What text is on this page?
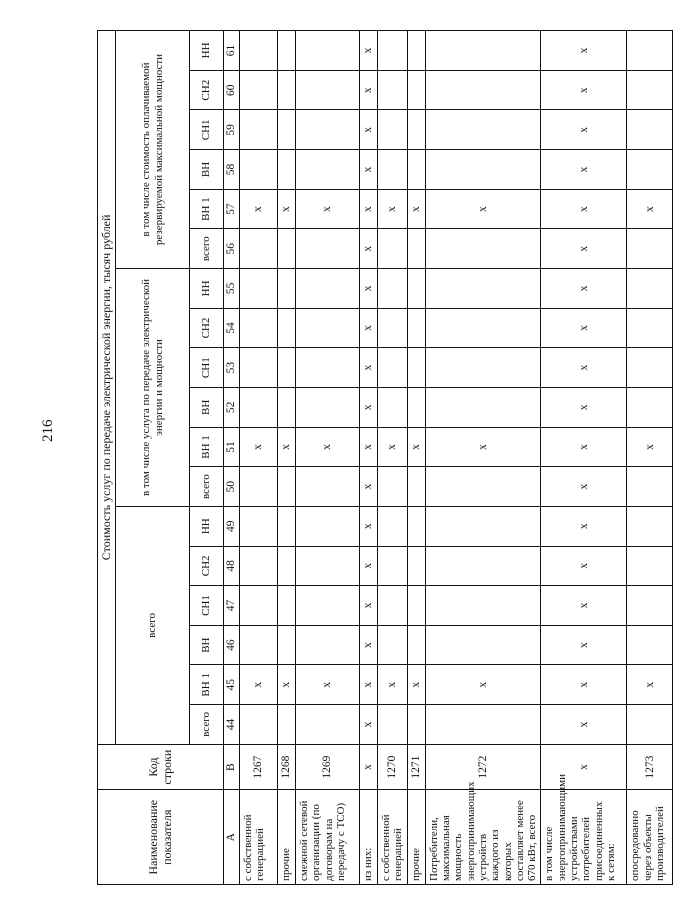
216
Наименование показателя	Код строки	Стоимость услуг по передаче электрической энергии, тысяч рублей																	
		всего						в том числе услуга по передаче электрической энергии и мощности						в том числе стоимость оплачиваемой резервируемой максимальной мощности					

		всего	ВН 1	ВН	СН1	СН2	НН	всего	ВН 1	ВН	СН1	СН2	НН	всего	ВН 1	ВН	СН1	СН2	НН
А	В	44	45	46	47	48	49	50	51	52	53	54	55	56	57	58	59	60	61
с собственной генерацией	1267		x						x						x				
прочие	1268		x						x						x				
смежной сетевой организации (по договорам на передачу с ТСО)	1269		x						x						x				
из них:	x	x	x	x	x	x	x	x	x	x	x	x	x	x	x	x	x	x	x
с собственной генерацией	1270		x						x						x				
прочие	1271		x						x						x				
Потребители, максимальная мощность энергопринимающих устройств каждого из которых составляет менее 670 кВт, всего	1272		x						x						x				
в том числе энергопринимающими устройствами потребителей присоединенных к сетям:	x	x	x	x	x	x	x	x	x	x	x	x	x	x	x	x	x	x	x
опосредованно через объекты производителей	1273		x						x						x				
